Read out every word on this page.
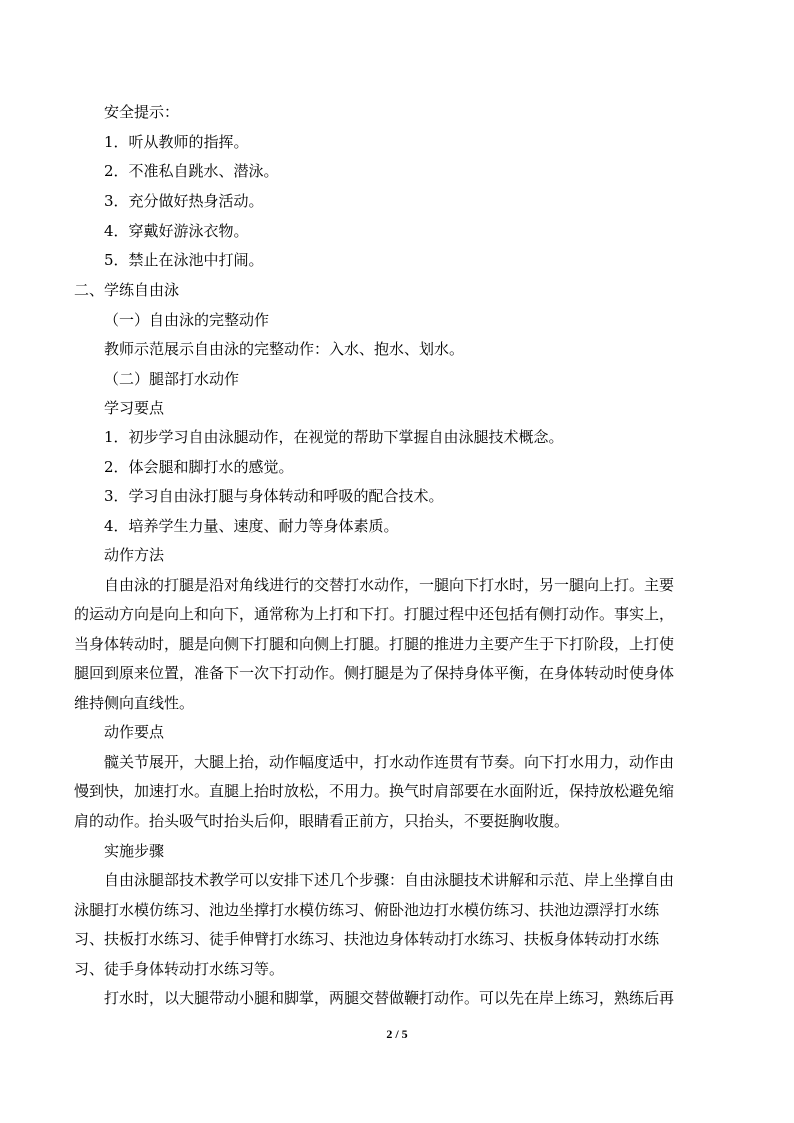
安全提示：
1．听从教师的指挥。
2．不准私自跳水、潜泳。
3．充分做好热身活动。
4．穿戴好游泳衣物。
5．禁止在泳池中打闹。
二、学练自由泳
（一）自由泳的完整动作
教师示范展示自由泳的完整动作：入水、抱水、划水。
（二）腿部打水动作
学习要点
1．初步学习自由泳腿动作，在视觉的帮助下掌握自由泳腿技术概念。
2．体会腿和脚打水的感觉。
3．学习自由泳打腿与身体转动和呼吸的配合技术。
4．培养学生力量、速度、耐力等身体素质。
动作方法
自由泳的打腿是沿对角线进行的交替打水动作，一腿向下打水时，另一腿向上打。主要
的运动方向是向上和向下，通常称为上打和下打。打腿过程中还包括有侧打动作。事实上，
当身体转动时，腿是向侧下打腿和向侧上打腿。打腿的推进力主要产生于下打阶段，上打使
腿回到原来位置，准备下一次下打动作。侧打腿是为了保持身体平衡，在身体转动时使身体
维持侧向直线性。
动作要点
髋关节展开，大腿上抬，动作幅度适中，打水动作连贯有节奏。向下打水用力，动作由
慢到快，加速打水。直腿上抬时放松，不用力。换气时肩部要在水面附近，保持放松避免缩
肩的动作。抬头吸气时抬头后仰，眼睛看正前方，只抬头，不要挺胸收腹。
实施步骤
自由泳腿部技术教学可以安排下述几个步骤：自由泳腿技术讲解和示范、岸上坐撑自由
泳腿打水模仿练习、池边坐撑打水模仿练习、俯卧池边打水模仿练习、扶池边漂浮打水练
习、扶板打水练习、徒手伸臂打水练习、扶池边身体转动打水练习、扶板身体转动打水练
习、徒手身体转动打水练习等。
打水时，以大腿带动小腿和脚掌，两腿交替做鞭打动作。可以先在岸上练习，熟练后再
2 / 5
